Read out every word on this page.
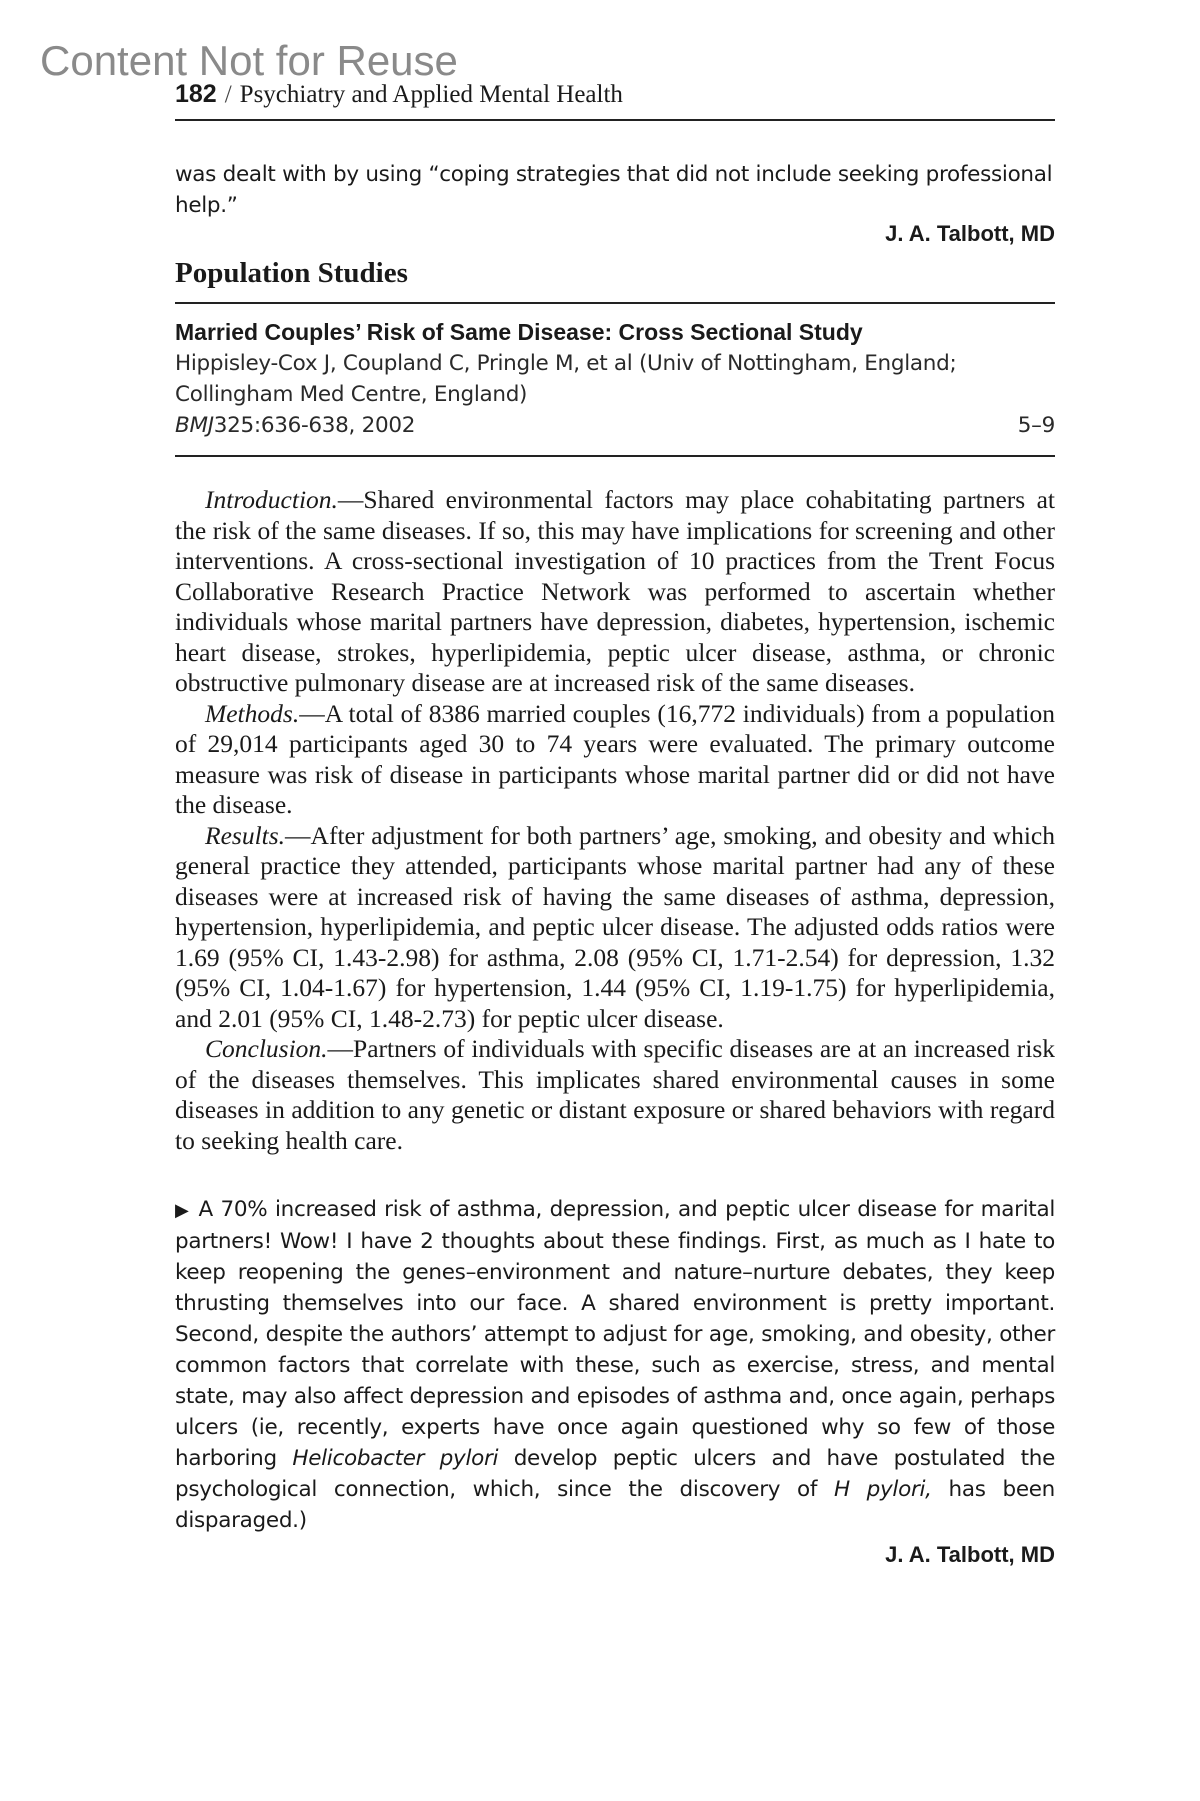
Content Not for Reuse
182 / Psychiatry and Applied Mental Health
was dealt with by using “coping strategies that did not include seeking professional help.”
J. A. Talbott, MD
Population Studies
Married Couples’ Risk of Same Disease: Cross Sectional Study
Hippisley-Cox J, Coupland C, Pringle M, et al (Univ of Nottingham, England; Collingham Med Centre, England)
BMJ325:636-638, 2002	5–9

Introduction.—Shared environmental factors may place cohabitating partners at the risk of the same diseases. If so, this may have implications for screening and other interventions. A cross-sectional investigation of 10 practices from the Trent Focus Collaborative Research Practice Network was performed to ascertain whether individuals whose marital partners have depression, diabetes, hypertension, ischemic heart disease, strokes, hyperlipidemia, peptic ulcer disease, asthma, or chronic obstructive pulmonary disease are at increased risk of the same diseases.

Methods.—A total of 8386 married couples (16,772 individuals) from a population of 29,014 participants aged 30 to 74 years were evaluated. The primary outcome measure was risk of disease in participants whose marital partner did or did not have the disease.

Results.—After adjustment for both partners’ age, smoking, and obesity and which general practice they attended, participants whose marital partner had any of these diseases were at increased risk of having the same diseases of asthma, depression, hypertension, hyperlipidemia, and peptic ulcer disease. The adjusted odds ratios were 1.69 (95% CI, 1.43-2.98) for asthma, 2.08 (95% CI, 1.71-2.54) for depression, 1.32 (95% CI, 1.04-1.67) for hypertension, 1.44 (95% CI, 1.19-1.75) for hyperlipidemia, and 2.01 (95% CI, 1.48-2.73) for peptic ulcer disease.

Conclusion.—Partners of individuals with specific diseases are at an increased risk of the diseases themselves. This implicates shared environmental causes in some diseases in addition to any genetic or distant exposure or shared behaviors with regard to seeking health care.

▶ A 70% increased risk of asthma, depression, and peptic ulcer disease for marital partners! Wow! I have 2 thoughts about these findings. First, as much as I hate to keep reopening the genes–environment and nature–nurture debates, they keep thrusting themselves into our face. A shared environment is pretty important. Second, despite the authors’ attempt to adjust for age, smoking, and obesity, other common factors that correlate with these, such as exercise, stress, and mental state, may also affect depression and episodes of asthma and, once again, perhaps ulcers (ie, recently, experts have once again questioned why so few of those harboring Helicobacter pylori develop peptic ulcers and have postulated the psychological connection, which, since the discovery of H pylori, has been disparaged.)
J. A. Talbott, MD
